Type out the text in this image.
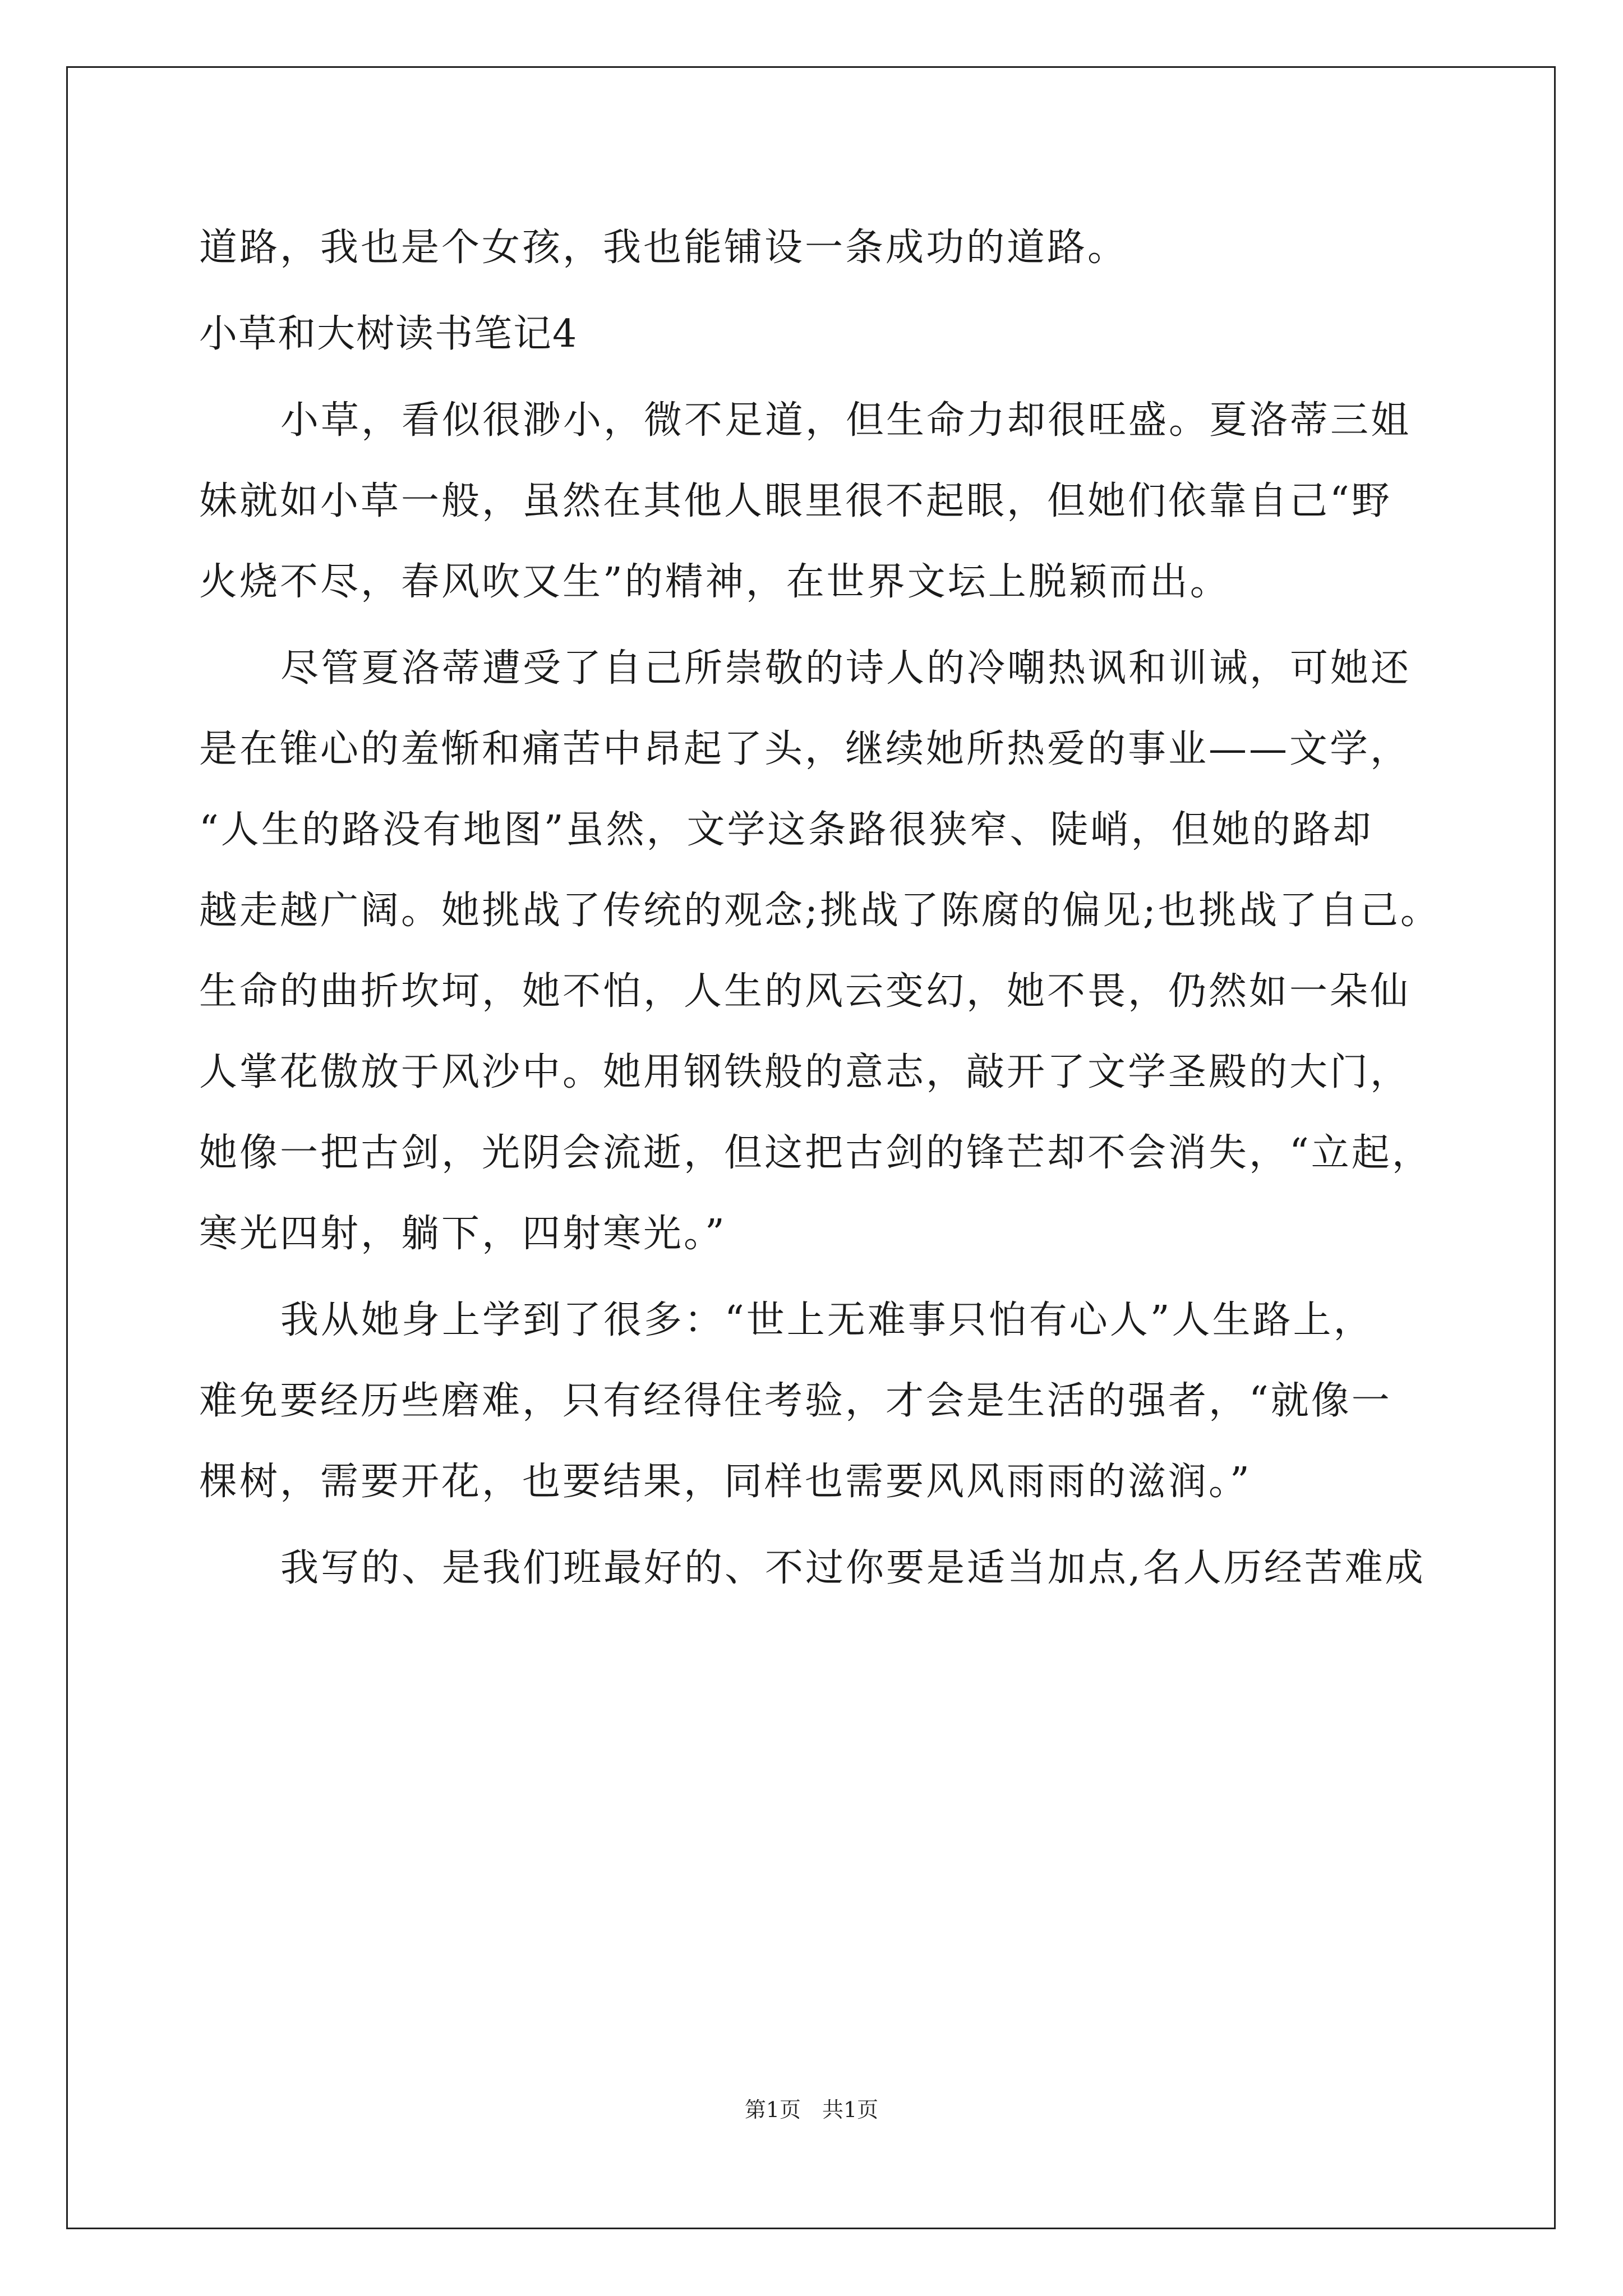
道路，我也是个女孩，我也能铺设一条成功的道路。
小草和大树读书笔记4
小草，看似很渺小，微不足道，但生命力却很旺盛。夏洛蒂三姐
妹就如小草一般，虽然在其他人眼里很不起眼，但她们依靠自己“野
火烧不尽，春风吹又生”的精神，在世界文坛上脱颖而出。
尽管夏洛蒂遭受了自己所崇敬的诗人的冷嘲热讽和训诫，可她还
是在锥心的羞惭和痛苦中昂起了头，继续她所热爱的事业——文学，
“人生的路没有地图”虽然，文学这条路很狭窄、陡峭，但她的路却
越走越广阔。她挑战了传统的观念;挑战了陈腐的偏见;也挑战了自己。
生命的曲折坎坷，她不怕，人生的风云变幻，她不畏，仍然如一朵仙
人掌花傲放于风沙中。她用钢铁般的意志，敲开了文学圣殿的大门，
她像一把古剑，光阴会流逝，但这把古剑的锋芒却不会消失，“立起，
寒光四射，躺下，四射寒光。”
我从她身上学到了很多：“世上无难事只怕有心人”人生路上，
难免要经历些磨难，只有经得住考验，才会是生活的强者，“就像一
棵树，需要开花，也要结果，同样也需要风风雨雨的滋润。”
我写的、是我们班最好的、不过你要是适当加点,名人历经苦难成
第1页　共1页
